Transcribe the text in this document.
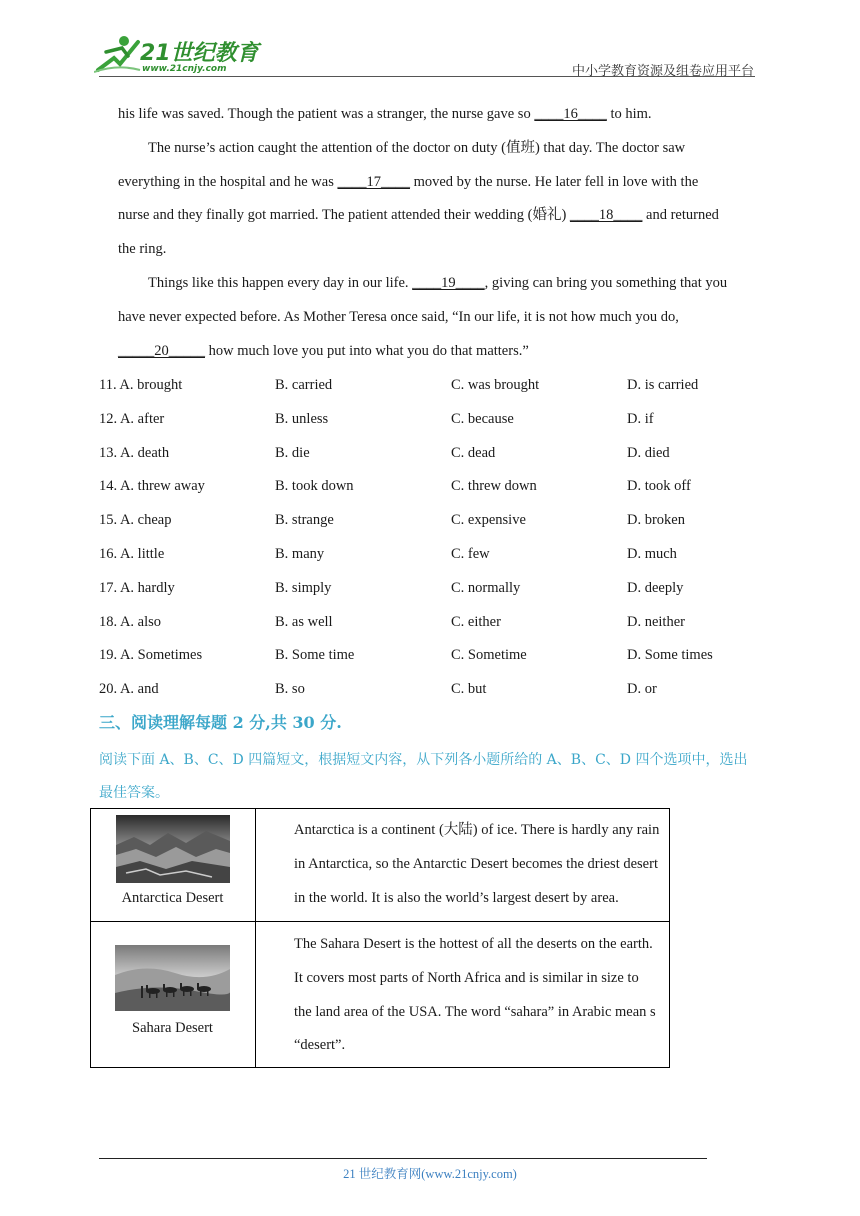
21世纪教育
www.21cnjy.com	中小学教育资源及组卷应用平台
his life was saved. Though the patient was a stranger, the nurse gave so ____16____ to him.
The nurse’s action caught the attention of the doctor on duty (值班) that day. The doctor saw
everything in the hospital and he was ____17____ moved by the nurse. He later fell in love with the
nurse and they finally got married. The patient attended their wedding (婚礼) ____18____ and returned
the ring.
Things like this happen every day in our life. ____19____, giving can bring you something that you
have never expected before. As Mother Teresa once said, “In our life, it is not how much you do,
_____20_____ how much love you put into what you do that matters.”
11. A. brought	B. carried	C. was brought	D. is carried
12. A. after	B. unless	C. because	D. if
13. A. death	B. die	C. dead	D. died
14. A. threw away	B. took down	C. threw down	D. took off
15. A. cheap	B. strange	C. expensive	D. broken
16. A. little	B. many	C. few	D. much
17. A. hardly	B. simply	C. normally	D. deeply
18. A. also	B. as well	C. either	D. neither
19. A. Sometimes	B. Some time	C. Sometime	D. Some times
20. A. and	B. so	C. but	D. or
三、阅读理解每题 2 分,共 30 分.
阅读下面 A、B、C、D 四篇短文，根据短文内容，从下列各小题所给的 A、B、C、D 四个选项中，选出最佳答案。
Antarctica Desert
Antarctica is a continent (大陆) of ice. There is hardly any rain in Antarctica, so the Antarctic Desert becomes the driest desert in the world. It is also the world’s largest desert by area.
Sahara Desert
The Sahara Desert is the hottest of all the deserts on the earth. It covers most parts of North Africa and is similar in size to the land area of the USA. The word “sahara” in Arabic mean s “desert”.
21 世纪教育网(www.21cnjy.com)
